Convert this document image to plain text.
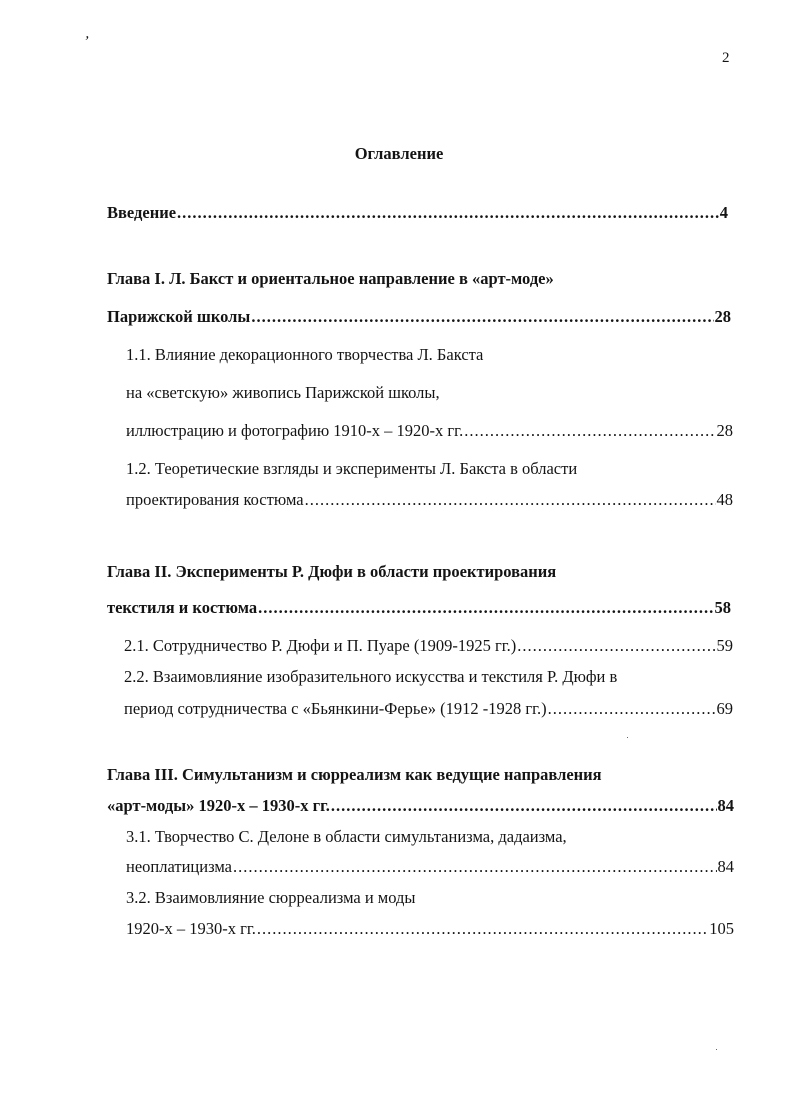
ʼ
2
Оглавление
Введение .....	4
Глава I. Л. Бакст и ориентальное направление в «арт-моде»
Парижской школы .....	28
1.1. Влияние декорационного творчества Л. Бакста
на «светскую» живопись Парижской школы,
иллюстрацию и фотографию 1910-х – 1920-х гг. .....	28
1.2. Теоретические взгляды и эксперименты Л. Бакста в области
проектирования костюма .....	48
Глава II. Эксперименты Р. Дюфи в области проектирования
текстиля и костюма .....	58
2.1. Сотрудничество Р. Дюфи и П. Пуаре (1909-1925 гг.) .....	59
2.2. Взаимовлияние изобразительного искусства и текстиля Р. Дюфи в
период сотрудничества с «Бьянкини-Ферье» (1912 -1928 гг.) .....	69
Глава III. Симультанизм и сюрреализм как ведущие направления
«арт-моды» 1920-х – 1930-х гг. .....	84
3.1. Творчество С. Делоне в области симультанизма, дадаизма,
неоплатицизма .....	84
3.2. Взаимовлияние сюрреализма и моды
1920-х – 1930-х гг. .....	105
